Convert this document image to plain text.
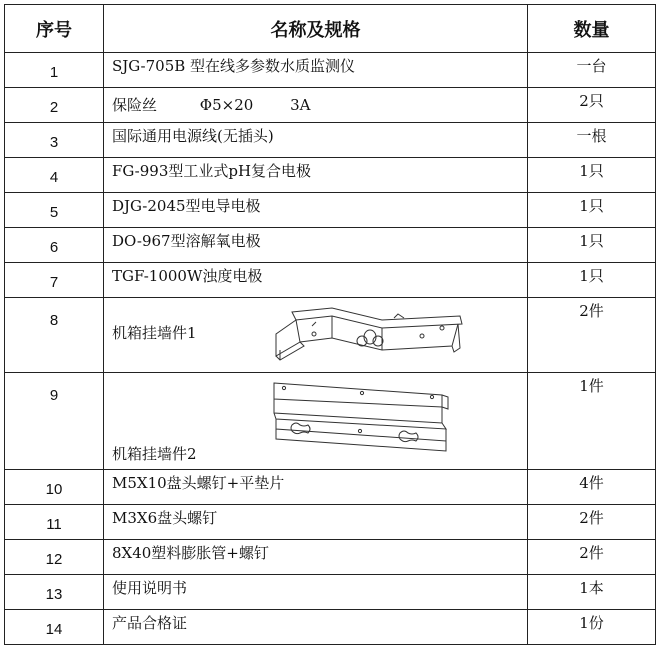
序号	名称及规格	数量
1	SJG-705B 型在线多参数水质监测仪	一台
2	保险丝 Φ5×20 3A	2只
3	国际通用电源线(无插头)	一根
4	FG-993型工业式pH复合电极	1只
5	DJG-2045型电导电极	1只
6	DO-967型溶解氧电极	1只
7	TGF-1000W浊度电极	1只
8	机箱挂墙件1	2件
9	机箱挂墙件2	1件
10	M5X10盘头螺钉+平垫片	4件
11	M3X6盘头螺钉	2件
12	8X40塑料膨胀管+螺钉	2件
13	使用说明书	1本
14	产品合格证	1份
